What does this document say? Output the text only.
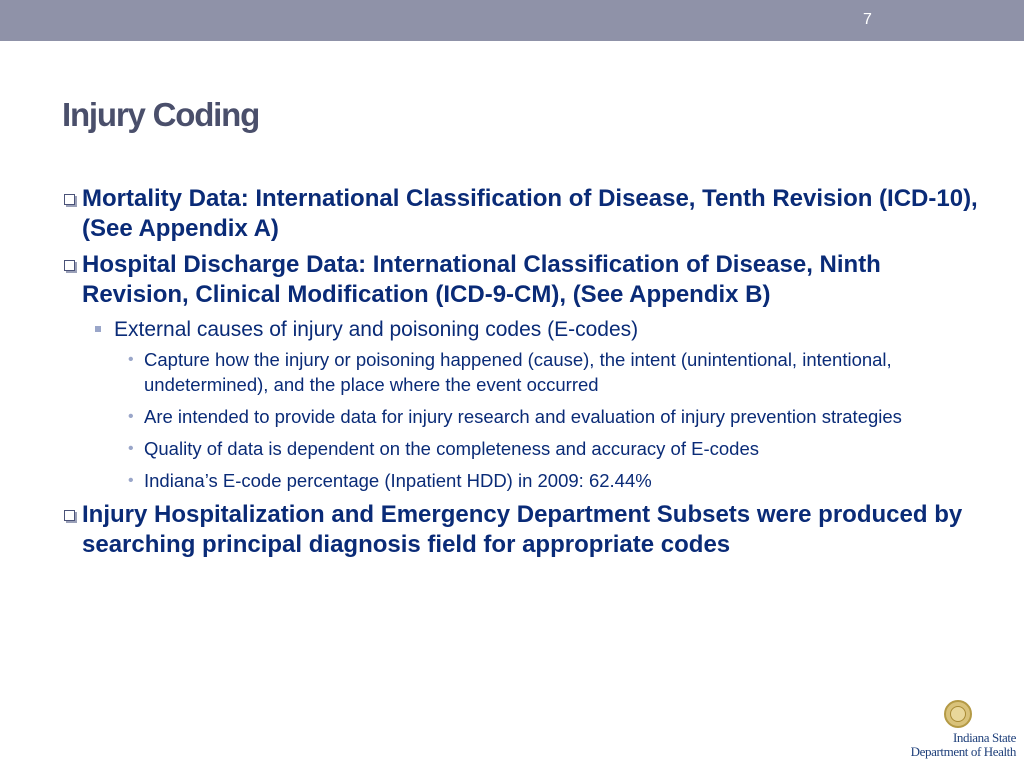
7
Injury Coding
Mortality Data: International Classification of Disease, Tenth Revision (ICD-10), (See Appendix A)
Hospital Discharge Data: International Classification of Disease, Ninth Revision, Clinical Modification (ICD-9-CM), (See Appendix B)
External causes of injury and poisoning codes (E-codes)
• Capture how the injury or poisoning happened (cause), the intent (unintentional, intentional, undetermined), and the place where the event occurred
• Are intended to provide data for injury research and evaluation of injury prevention strategies
• Quality of data is dependent on the completeness and accuracy of E-codes
• Indiana’s E-code percentage (Inpatient HDD) in 2009: 62.44%
Injury Hospitalization and Emergency Department Subsets were produced by searching principal diagnosis field for appropriate codes
Indiana State
Department of Health
